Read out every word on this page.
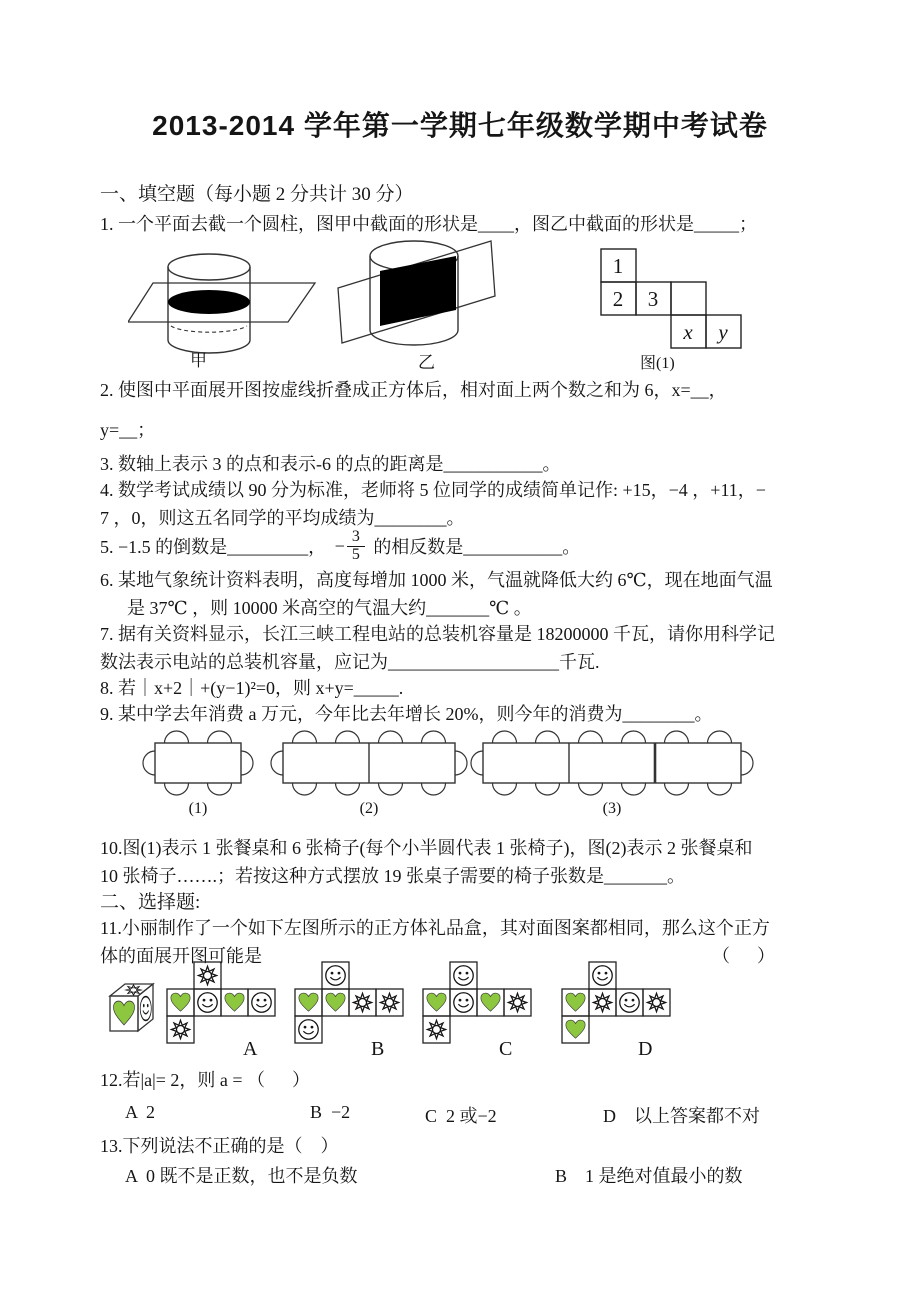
2013-2014 学年第一学期七年级数学期中考试卷
一、填空题（每小题 2 分共计 30 分）
1. 一个平面去截一个圆柱，图甲中截面的形状是____，图乙中截面的形状是_____；
甲	乙
1
2 3
x y
图(1)
2. 使图中平面展开图按虚线折叠成正方体后，相对面上两个数之和为 6，x=__，
y=__；
3. 数轴上表示 3 的点和表示-6 的点的距离是___________。
4. 数学考试成绩以 90 分为标准，老师将 5 位同学的成绩简单记作: +15，−4 ，+11，−
7 ，0，则这五名同学的平均成绩为________。
5. −1.5 的倒数是_________， − $\frac{3}{5}$ 的相反数是___________。
6. 某地气象统计资料表明，高度每增加 1000 米，气温就降低大约 6℃，现在地面气温
是 37℃ ，则 10000 米高空的气温大约_______℃ 。
7. 据有关资料显示，长江三峡工程电站的总装机容量是 18200000 千瓦，请你用科学记
数法表示电站的总装机容量，应记为___________________千瓦.
8. 若｜x+2｜+(y−1)²=0，则 x+y=_____.
9. 某中学去年消费 a 万元，今年比去年增长 20%，则今年的消费为________。
(1)	(2)	(3)
10.图(1)表示 1 张餐桌和 6 张椅子(每个小半圆代表 1 张椅子)，图(2)表示 2 张餐桌和
10 张椅子…….；若按这种方式摆放 19 张桌子需要的椅子张数是_______。
二、选择题:
11.小丽制作了一个如下左图所示的正方体礼品盒，其对面图案都相同，那么这个正方
体的面展开图可能是	（      ）
A	B	C	D
12.若|a|= 2，则 a = （      ）
A  2	B  −2	C  2 或−2	D    以上答案都不对
13.下列说法不正确的是（    ）
A  0 既不是正数，也不是负数	B    1 是绝对值最小的数
